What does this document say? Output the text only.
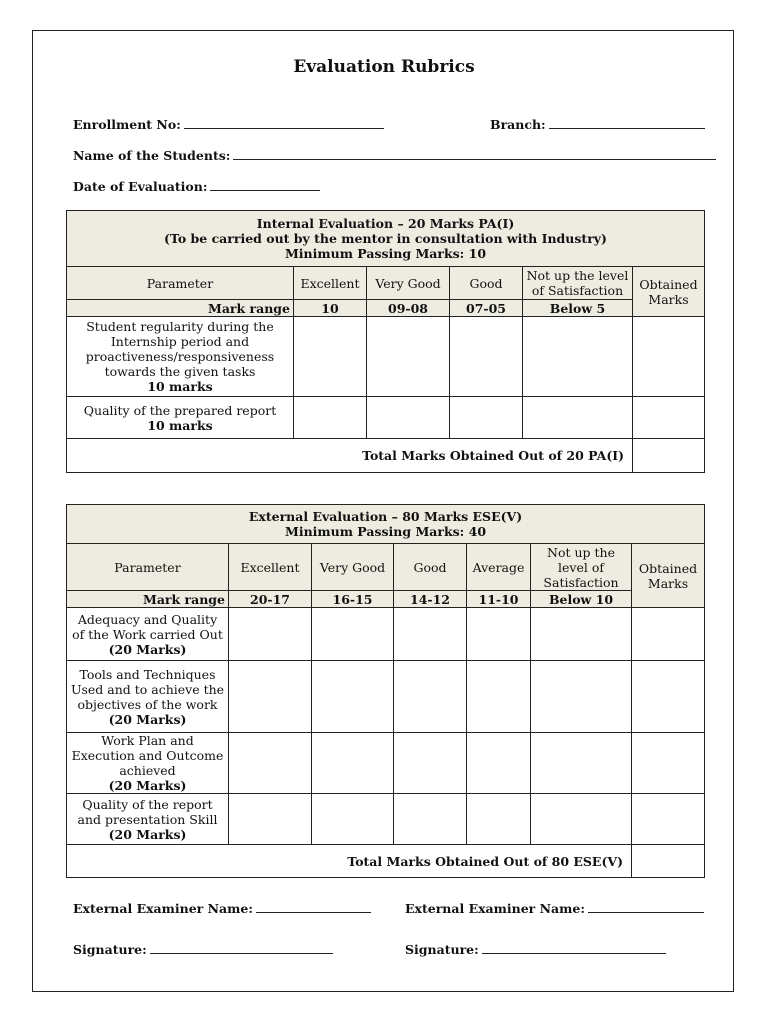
Evaluation Rubrics
Enrollment No:	Branch:
Name of the Students:
Date of Evaluation:
Internal Evaluation – 20 Marks PA(I)
(To be carried out by the mentor in consultation with Industry)
Minimum Passing Marks: 10					

Parameter	Excellent	Very Good	Good	Not up the level of Satisfaction	Obtained Marks
Mark range	10	09-08	07-05	Below 5	

Student regularity during the Internship period and proactiveness/responsiveness towards the given tasks
10 marks					

Quality of the prepared report
10 marks					

Total Marks Obtained Out of 20 PA(I)					
External Evaluation – 80 Marks ESE(V)
Minimum Passing Marks: 40						

Parameter	Excellent	Very Good	Good	Average	Not up the level of Satisfaction	Obtained Marks
Mark range	20-17	16-15	14-12	11-10	Below 10	

Adequacy and Quality of the Work carried Out
(20 Marks)						

Tools and Techniques Used and to achieve the objectives of the work
(20 Marks)						

Work Plan and Execution and Outcome achieved
(20 Marks)						

Quality of the report and presentation Skill
(20 Marks)						

Total Marks Obtained Out of 80 ESE(V)						
External Examiner Name:	External Examiner Name:
Signature:	Signature:
